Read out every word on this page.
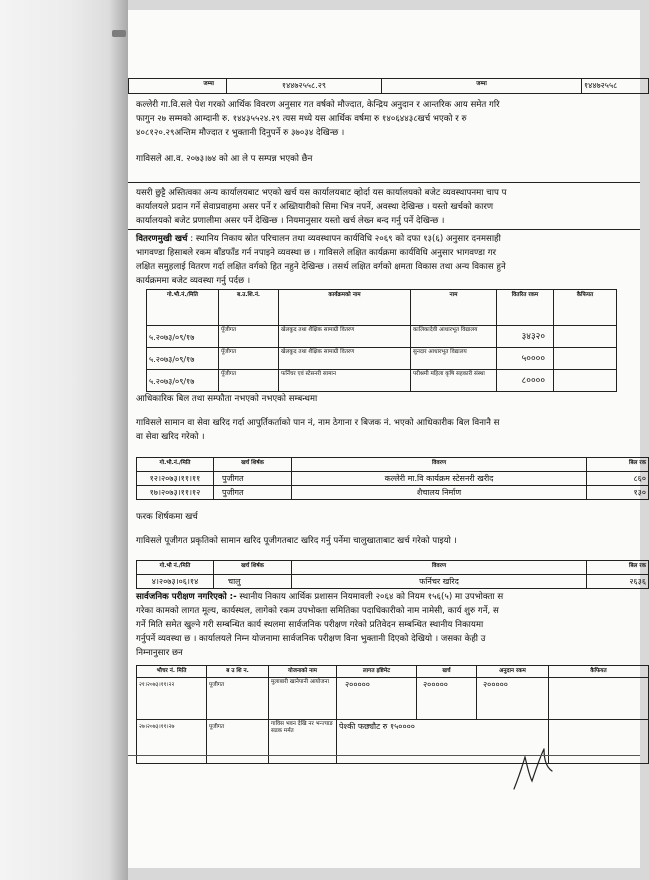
जम्मा	१४४७२५५८.२९	जम्मा	१४४७२५५८
कल्लेरी गा.वि.सले पेश गरको आर्थिक विवरण अनुसार गत वर्षको मौज्दात, केन्द्रिय अनुदान र आन्तरिक आय समेत गरि
फागुन २७ सम्मको आम्दानी रु. १४४३५५२४.२९ त्यस मध्ये यस आर्थिक वर्षमा रु १४०६४४३८खर्च भएको र रु
४०८१२०.२९अन्तिम मौज्दात र भुक्तानी दिनुपर्ने रु ३७०३४ देखिन्छ ।
गाविसले आ.व. २०७३।७४ को आ ले प सम्पन्न भएको छैन
यसरी छुट्टै अस्तित्वका अन्य कार्यालयबाट भएको खर्च यस कार्यालयबाट व्होर्दा यस कार्यालयको बजेट व्यवस्थापनमा चाप प
कार्यालयले प्रदान गर्ने सेवाप्रवाहमा असर पर्ने र अख्तियारीको सिमा भित्र नपर्ने, अवस्था देखिन्छ । यस्तो खर्चको कारण
कार्यालयको बजेट प्रणालीमा असर पर्ने देखिन्छ । नियमानुसार यस्तो खर्च लेख्न बन्द गर्नु पर्ने देखिन्छ ।
वितरणमुखी खर्च : स्थानिय निकाय स्रोत परिचालन तथा व्यवस्थापन कार्यविधि २०६९ को दफा १३(६) अनुसार दनमसाही
भागवण्डा हिसाबले रकम बाँडफाँड गर्न नपाइने व्यवस्था छ । गाविसले लक्षित कार्यक्रमा कार्यविधि अनुसार भागवण्डा गर
लक्षित समुहलाई वितरण गर्दा लक्षित वर्गको हित नहुने देखिन्छ । तसर्थ लक्षित वर्गको क्षमता विकास तथा अन्य विकास हुने
कार्यक्रममा बजेट व्यवस्था गर्नु पर्दछ ।
गो.भौ.नं./मिति	ब.उ.शि.नं.	कार्यक्रमको नाम	नाम	वितरित रकम	कैफियत
५.२०७३/०९/१७	पूँजीगत	खेलकुद तथा शैक्षिक सामाग्री वितरण	कालिकादेवी आधारभूत विद्यालय	३४३२०	
५.२०७३/०९/१७	पूँजीगत	खेलकुद तथा शैक्षिक सामाग्री वितरण	सुनदार आधारभूत विद्यालय	५००००	
५.२०७३/०९/१७	पूँजीगत	फर्निचर एवं स्टेसनरी सामान	परीश्रमी महिला कृषि सहकारी संस्था	८००००	
आधिकारिक बिल तथा सम्फौता नभएको नभएको सम्बन्धमा
गाविसले सामान वा सेवा खरिद गर्दा आपुर्तिकर्ताको पान नं, नाम ठेगाना र बिजक नं. भएको आधिकारीक बिल विनानै स
वा सेवा खरिद गरेको ।
गो.भौ.नं./मिति	खर्च शिर्षक	विवरण	बिल रक
१२।२०७३।११।११	पुजीगत	कल्लेरी मा.वि कार्यक्रम स्टेसनरी खरीद	८६०
१७।२०७३।११।१२	पुजीगत	शैचालय निर्माण	१३०
फरक शिर्षकमा खर्च
गाविसले पूजीगत प्रकृतिको सामान खरिद पूजीगतबाट खरिद गर्नु पर्नेमा चालुखाताबाट खर्च गरेको पाइयो ।
गो.भौ नं./मिति	खर्च शिर्षक	विवरण	बिल रक
४।२०७३।०६।१४	चालु	फर्निचर खरिद	२६३६
सार्वजनिक परीक्षण नगरिएको :- स्थानीय निकाय आर्थिक प्रशासन नियमावली २०६४ को नियम १५६(५) मा उपभोक्ता स
गरेका कामको लागत मूल्य, कार्यस्थल, लागेको रकम उपभोक्ता समितिका पदाधिकारीको नाम नामेसी, कार्य शुरु गर्ने, स
गर्ने मिति समेत खुल्ने गरी सम्बन्धित कार्य स्थलमा सार्वजनिक परीक्षण गरेको प्रतिवेदन सम्बन्धित स्थानीय निकायमा
गर्नुपर्ने व्यवस्था छ । कार्यालयले निम्न योजनामा सार्वजनिक परीक्षण विना भुक्तानी दिएको देखियो । जसका केही उ
निम्नानुसार छन
भौचर नं. मिति	ब उ शि न.	योजनाको नाम	लागत इष्टिमेट	खर्च	अनुदान रकम	कैफियत
२१।२०७३।११।२२	पूजीगत	मुलाबारी खानेपानी आयोजना	२०००००	२०००००	२०००००	
२७।२०७३।११।२७	पूजीगत	गाविस भवन देखि नर भन्ज्याङ सडक मर्मत	पेश्की फछ्यौट रु १५००००			
